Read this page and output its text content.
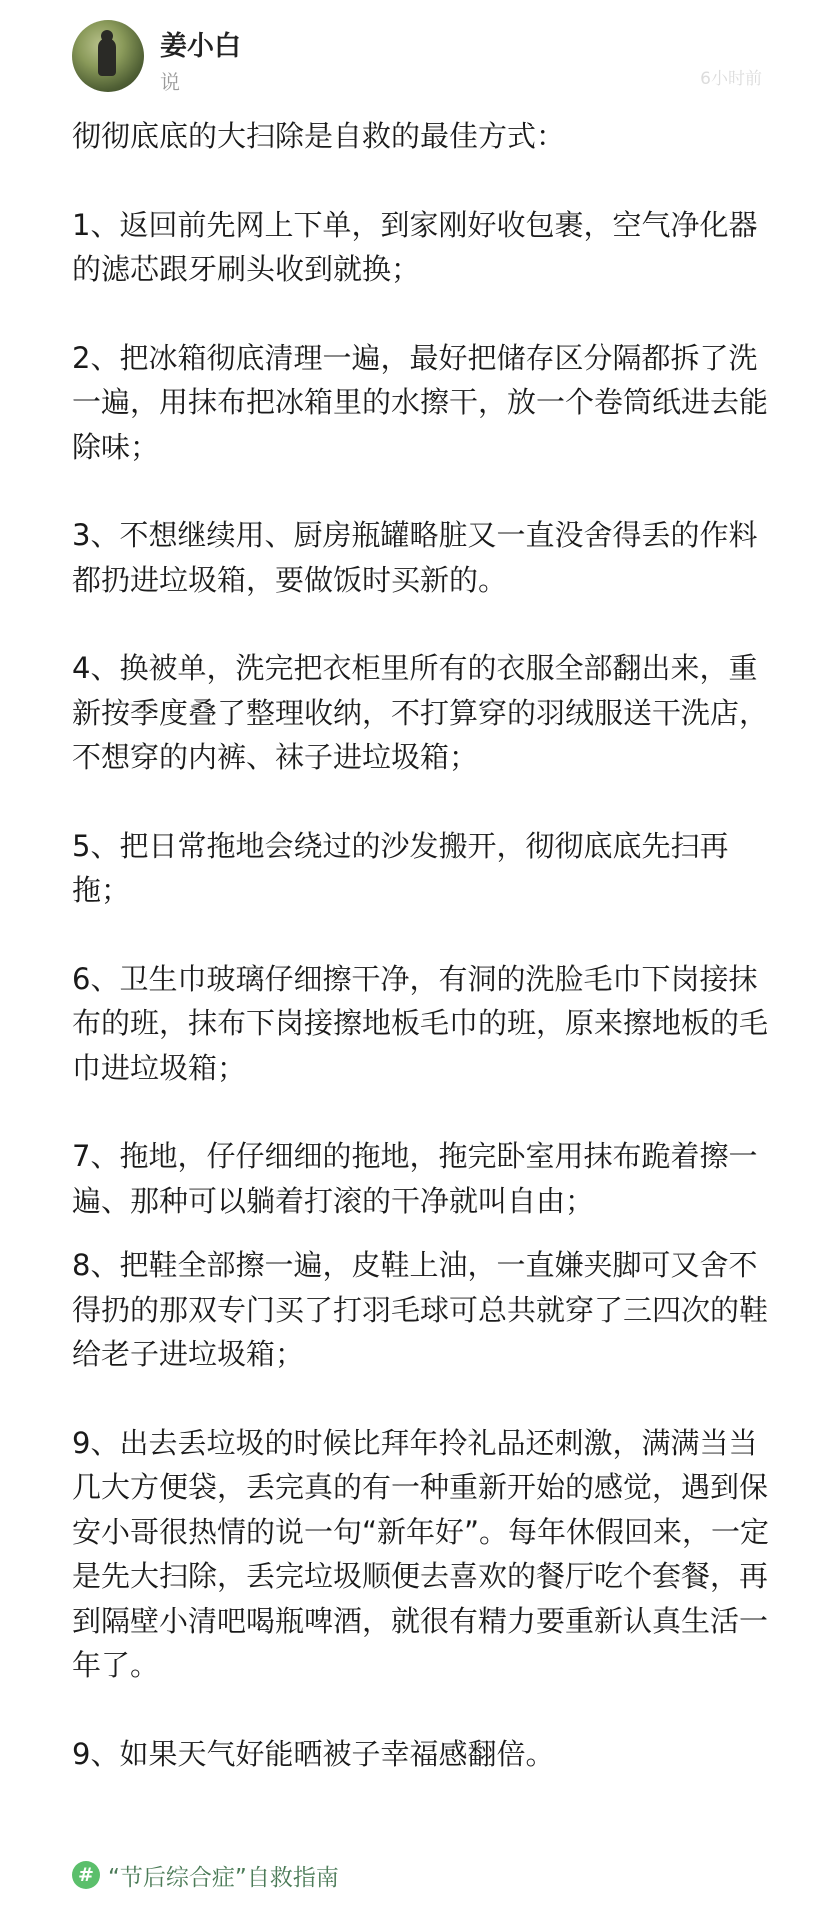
姜小白
说	6小时前

彻彻底底的大扫除是自救的最佳方式：

1、返回前先网上下单，到家刚好收包裹，空气净化器的滤芯跟牙刷头收到就换；

2、把冰箱彻底清理一遍，最好把储存区分隔都拆了洗一遍，用抹布把冰箱里的水擦干，放一个卷筒纸进去能除味；

3、不想继续用、厨房瓶罐略脏又一直没舍得丢的作料都扔进垃圾箱，要做饭时买新的。

4、换被单，洗完把衣柜里所有的衣服全部翻出来，重新按季度叠了整理收纳，不打算穿的羽绒服送干洗店，不想穿的内裤、袜子进垃圾箱；

5、把日常拖地会绕过的沙发搬开，彻彻底底先扫再拖；

6、卫生巾玻璃仔细擦干净，有洞的洗脸毛巾下岗接抹布的班，抹布下岗接擦地板毛巾的班，原来擦地板的毛巾进垃圾箱；

7、拖地，仔仔细细的拖地，拖完卧室用抹布跪着擦一遍、那种可以躺着打滚的干净就叫自由；

8、把鞋全部擦一遍，皮鞋上油，一直嫌夹脚可又舍不得扔的那双专门买了打羽毛球可总共就穿了三四次的鞋给老子进垃圾箱；

9、出去丢垃圾的时候比拜年拎礼品还刺激，满满当当几大方便袋，丢完真的有一种重新开始的感觉，遇到保安小哥很热情的说一句“新年好”。每年休假回来，一定是先大扫除，丢完垃圾顺便去喜欢的餐厅吃个套餐，再到隔壁小清吧喝瓶啤酒，就很有精力要重新认真生活一年了。

9、如果天气好能晒被子幸福感翻倍。

# “节后综合症”自救指南
